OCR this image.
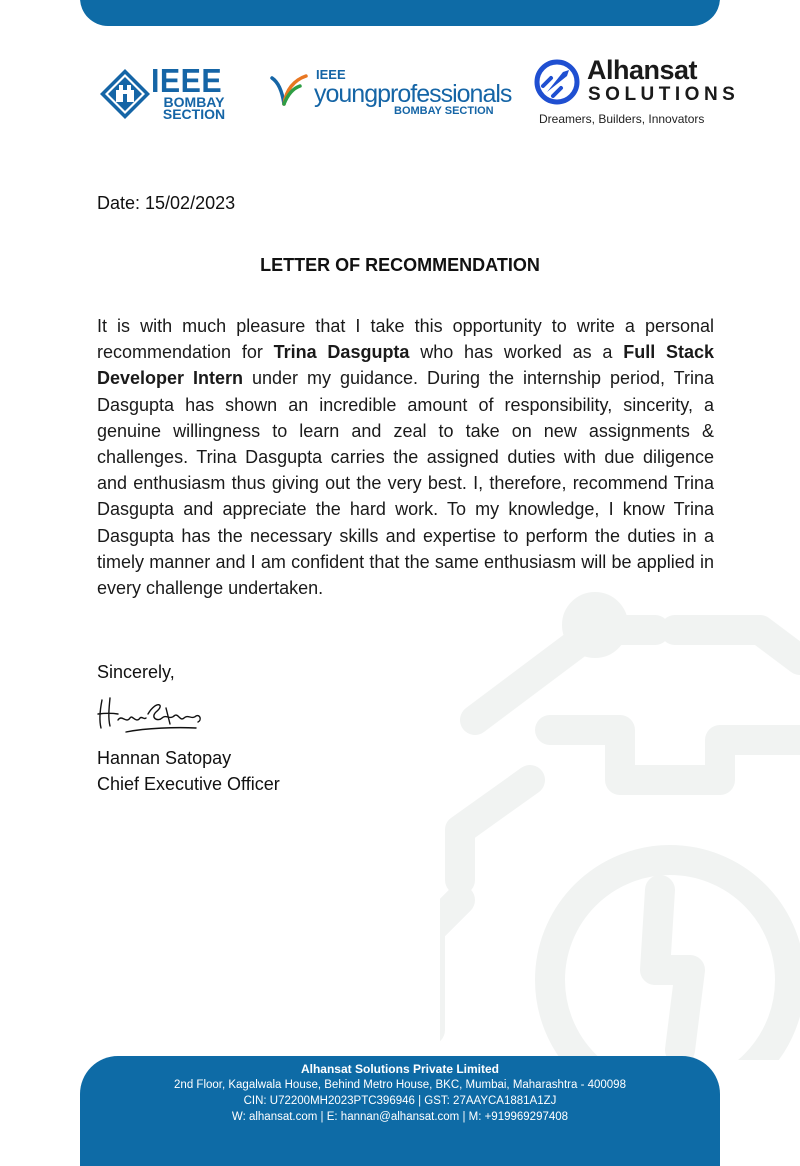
IEEE
BOMBAY
SECTION
IEEE
youngprofessionals
BOMBAY SECTION
Alhansat
SOLUTIONS
Dreamers, Builders, Innovators
Date: 15/02/2023
LETTER OF RECOMMENDATION
It is with much pleasure that I take this opportunity to write a personal recommendation for Trina Dasgupta who has worked as a Full Stack Developer Intern under my guidance. During the internship period, Trina Dasgupta has shown an incredible amount of responsibility, sincerity, a genuine willingness to learn and zeal to take on new assignments & challenges. Trina Dasgupta carries the assigned duties with due diligence and enthusiasm thus giving out the very best. I, therefore, recommend Trina Dasgupta and appreciate the hard work. To my knowledge, I know Trina Dasgupta has the necessary skills and expertise to perform the duties in a timely manner and I am confident that the same enthusiasm will be applied in every challenge undertaken.
Sincerely,
Hannan Satopay
Chief Executive Officer
Alhansat Solutions Private Limited
2nd Floor, Kagalwala House, Behind Metro House, BKC, Mumbai, Maharashtra - 400098
CIN: U72200MH2023PTC396946 | GST: 27AAYCA1881A1ZJ
W: alhansat.com | E: hannan@alhansat.com | M: +919969297408
